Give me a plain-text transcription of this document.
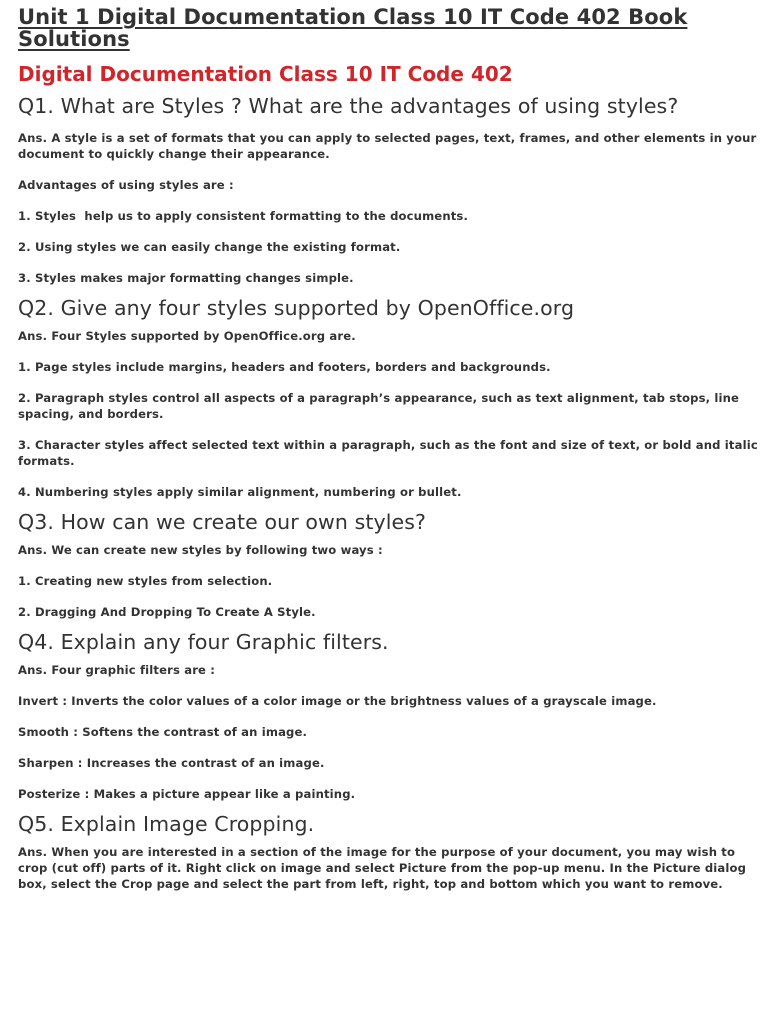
Unit 1 Digital Documentation Class 10 IT Code 402 Book Solutions
Digital Documentation Class 10 IT Code 402
Q1. What are Styles ? What are the advantages of using styles?

Ans. A style is a set of formats that you can apply to selected pages, text, frames, and other elements in your document to quickly change their appearance.

Advantages of using styles are :

1. Styles  help us to apply consistent formatting to the documents.

2. Using styles we can easily change the existing format.

3. Styles makes major formatting changes simple.

Q2. Give any four styles supported by OpenOffice.org

Ans. Four Styles supported by OpenOffice.org are.

1. Page styles include margins, headers and footers, borders and backgrounds.

2. Paragraph styles control all aspects of a paragraph’s appearance, such as text alignment, tab stops, line spacing, and borders.

3. Character styles affect selected text within a paragraph, such as the font and size of text, or bold and italic formats.

4. Numbering styles apply similar alignment, numbering or bullet.

Q3. How can we create our own styles?

Ans. We can create new styles by following two ways :

1. Creating new styles from selection.

2. Dragging And Dropping To Create A Style.

Q4. Explain any four Graphic filters.

Ans. Four graphic filters are :

Invert : Inverts the color values of a color image or the brightness values of a grayscale image.

Smooth : Softens the contrast of an image.

Sharpen : Increases the contrast of an image.

Posterize : Makes a picture appear like a painting.

Q5. Explain Image Cropping.

Ans. When you are interested in a section of the image for the purpose of your document, you may wish to crop (cut off) parts of it. Right click on image and select Picture from the pop-up menu. In the Picture dialog box, select the Crop page and select the part from left, right, top and bottom which you want to remove.
